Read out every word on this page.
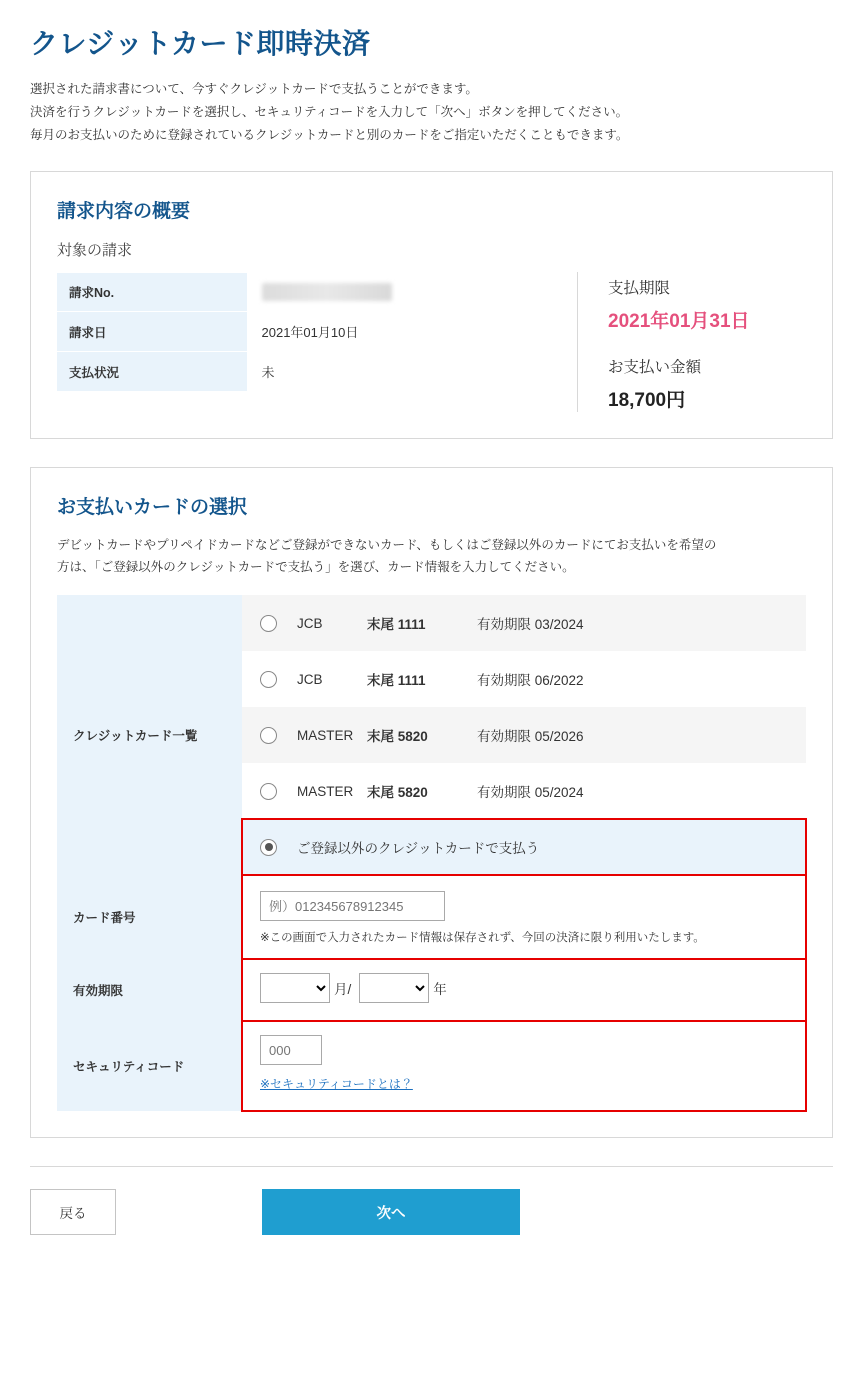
クレジットカード即時決済
選択された請求書について、今すぐクレジットカードで支払うことができます。
決済を行うクレジットカードを選択し、セキュリティコードを入力して「次へ」ボタンを押してください。
毎月のお支払いのために登録されているクレジットカードと別のカードをご指定いただくこともできます。
請求内容の概要
対象の請求
請求No.	
請求日	2021年01月10日
支払状況	未
支払期限
2021年01月31日
お支払い金額
18,700円
お支払いカードの選択
デビットカードやプリペイドカードなどご登録ができないカード、もしくはご登録以外のカードにてお支払いを希望の
方は、「ご登録以外のクレジットカードで支払う」を選び、カード情報を入力してください。
クレジットカード一覧
JCB	末尾 1111	有効期限 03/2024
JCB	末尾 1111	有効期限 06/2022
MASTER	末尾 5820	有効期限 05/2026
MASTER	末尾 5820	有効期限 05/2024
ご登録以外のクレジットカードで支払う
カード番号
例）012345678912345
※この画面で入力されたカード情報は保存されず、今回の決済に限り利用いたします。
有効期限	月/	年
セキュリティコード
000
※セキュリティコードとは？
戻る	次へ
